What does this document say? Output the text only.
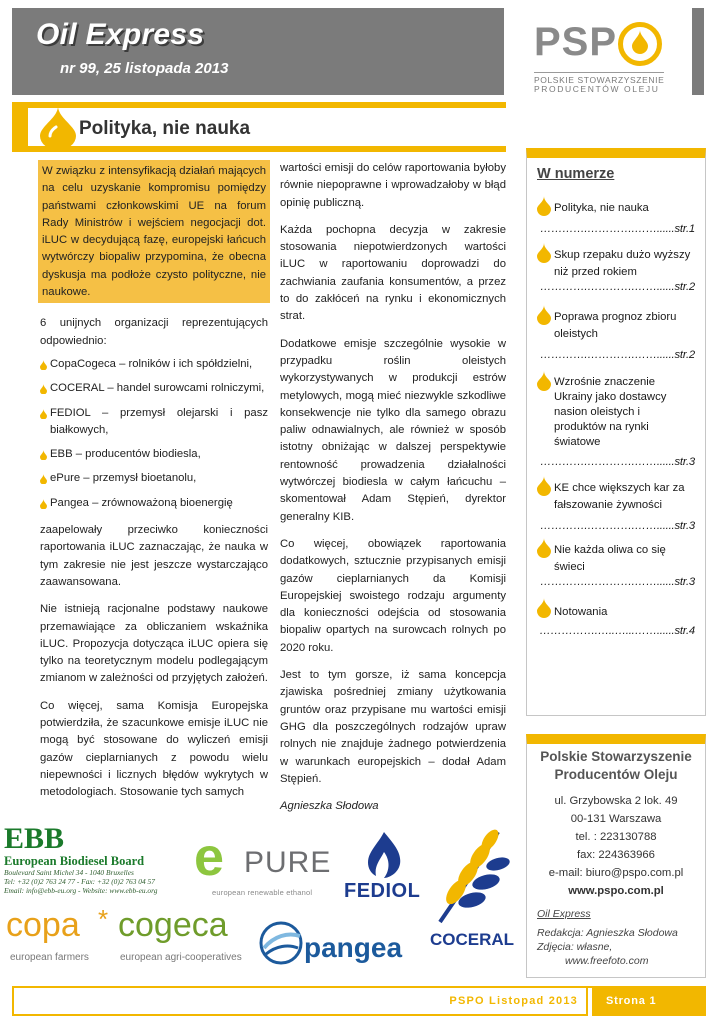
Oil Express
nr 99, 25 listopada 2013
PSP
POLSKIE STOWARZYSZENIE
PRODUCENTÓW OLEJU
Polityka, nie nauka
W związku z intensyfikacją działań mających na celu uzyskanie kompromisu pomiędzy państwami członkowskimi UE na forum Rady Ministrów i wejściem negocjacji dot. iLUC w decydującą fazę, europejski łańcuch wytwórczy biopaliw przypomina, że obecna dyskusja ma podłoże czysto polityczne, nie naukowe.

6 unijnych organizacji reprezentujących odpowiednio:

CopaCogeca – rolników i ich spółdzielni,
COCERAL – handel surowcami rolniczymi,
FEDIOL – przemysł olejarski i pasz białkowych,
EBB – producentów biodiesla,
ePure – przemysł bioetanolu,
Pangea – zrównoważoną bioenergię

zaapelowały przeciwko konieczności raportowania iLUC zaznaczając, że nauka w tym zakresie nie jest jeszcze wystarczająco zaawansowana.

Nie istnieją racjonalne podstawy naukowe przemawiające za obliczaniem wskaźnika iLUC. Propozycja dotycząca iLUC opiera się tylko na teoretycznym modelu podlegającym zmianom w zależności od przyjętych założeń.

Co więcej, sama Komisja Europejska potwierdziła, że szacunkowe emisje iLUC nie mogą być stosowane do wyliczeń emisji gazów cieplarnianych z powodu wielu niepewności i licznych błędów wykrytych w metodologiach. Stosowanie tych samych

wartości emisji do celów raportowania byłoby równie niepoprawne i wprowadzałoby w błąd opinię publiczną.

Każda pochopna decyzja w zakresie stosowania niepotwierdzonych wartości iLUC w raportowaniu doprowadzi do zachwiania zaufania konsumentów, a przez to do zakłóceń na rynku i ekonomicznych strat.

Dodatkowe emisje szczególnie wysokie w przypadku roślin oleistych wykorzystywanych w produkcji estrów metylowych, mogą mieć niezwykle szkodliwe konsekwencje nie tylko dla samego obrazu paliw odnawialnych, ale również w sposób istotny obniżając w dalszej perspektywie rentowność prowadzenia działalności wytwórczej biodiesla w całym łańcuchu – skomentował Adam Stępień, dyrektor generalny KIB.

Co więcej, obowiązek raportowania dodatkowych, sztucznie przypisanych emisji gazów cieplarnianych da Komisji Europejskiej swoistego rodzaju argumenty dla konieczności odejścia od stosowania biopaliw opartych na surowcach rolnych po 2020 roku.

Jest to tym gorsze, iż sama koncepcja zjawiska pośredniej zmiany użytkowania gruntów oraz przypisane mu wartości emisji GHG dla poszczególnych rodzajów upraw rolnych nie znajduje żadnego potwierdzenia w warunkach europejskich – dodał Adam Stępień.

Agnieszka Słodowa

W numerze
Polityka, nie nauka
………….………….……......str.1
Skup rzepaku dużo wyższy niż przed rokiem
………….………….……......str.2
Poprawa prognoz zbioru oleistych
………….………….……......str.2
Wzrośnie znaczenie Ukrainy jako dostawcy nasion oleistych i produktów na rynki światowe
………….………….……......str.3
KE chce większych kar za fałszowanie żywności
………….………….……......str.3
Nie każda oliwa co się świeci
………….………….……......str.3
Notowania
…………….…..…...……......str.4
Polskie Stowarzyszenie Producentów Oleju
ul. Grzybowska 2 lok. 49
00-131 Warszawa
tel. : 223130788
fax: 224363966
e-mail: biuro@pspo.com.pl
www.pspo.com.pl
Oil Express
Redakcja: Agnieszka Słodowa
Zdjęcia: własne,
www.freefoto.com
EBB
European Biodiesel Board
Boulevard Saint Michel 34 - 1040 Bruxelles
Tel: +32 (0)2 763 24 77 - Fax: +32 (0)2 763 04 57
Email: info@ebb-eu.org - Website: www.ebb-eu.org
e PURE
european renewable ethanol FEDIOL
COCERAL
copa * cogeca
european farmers	european agri-cooperatives pangea
PSPO Listopad 2013	Strona 1
